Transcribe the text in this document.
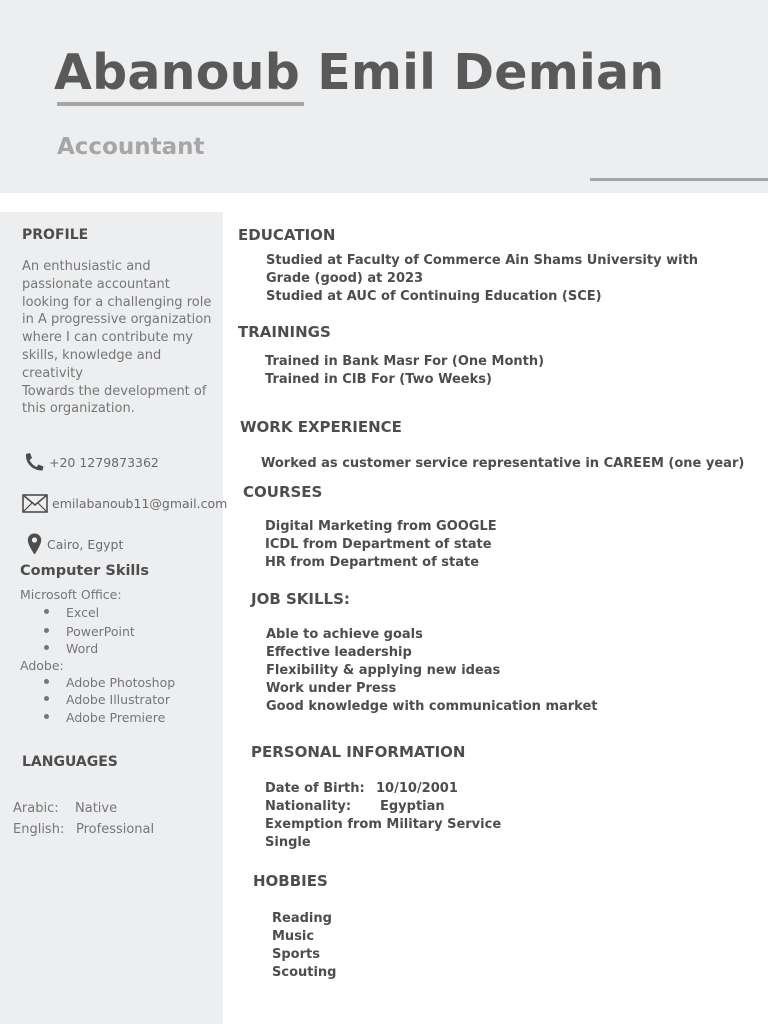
Abanoub Emil Demian
Accountant
PROFILE
An enthusiastic and
passionate accountant
looking for a challenging role
in A progressive organization
where I can contribute my
skills, knowledge and
creativity
Towards the development of
this organization.
+20 1279873362
emilabanoub11@gmail.com
Cairo, Egypt
Computer Skills
Microsoft Office:
Excel
PowerPoint
Word
Adobe:
Adobe Photoshop
Adobe Illustrator
Adobe Premiere
LANGUAGES
Arabic: Native
English: Professional
EDUCATION
Studied at Faculty of Commerce Ain Shams University with
Grade (good) at 2023
Studied at AUC of Continuing Education (SCE)
TRAININGS
Trained in Bank Masr For (One Month)
Trained in CIB For (Two Weeks)
WORK EXPERIENCE
Worked as customer service representative in CAREEM (one year)
COURSES
Digital Marketing from GOOGLE
ICDL from Department of state
HR from Department of state
JOB SKILLS:
Able to achieve goals
Effective leadership
Flexibility & applying new ideas
Work under Press
Good knowledge with communication market
PERSONAL INFORMATION
Date of Birth: 10/10/2001
Nationality: Egyptian
Exemption from Military Service
Single
HOBBIES
Reading
Music
Sports
Scouting
